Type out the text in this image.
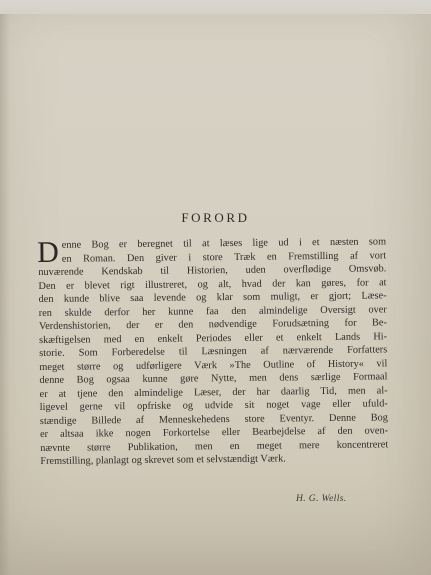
FORORD
D enne Bog er beregnet til at læses lige ud i et næsten som
en Roman. Den giver i store Træk en Fremstilling af vort
nuværende Kendskab til Historien, uden overflødige Omsvøb.
Den er blevet rigt illustreret, og alt, hvad der kan gøres, for at
den kunde blive saa levende og klar som muligt, er gjort; Læse-
ren skulde derfor her kunne faa den almindelige Oversigt over
Verdenshistorien, der er den nødvendige Forudsætning for Be-
skæftigelsen med en enkelt Periodes eller et enkelt Lands Hi-
storie. Som Forberedelse til Læsningen af nærværende Forfatters
meget større og udførligere Værk »The Outline of History« vil
denne Bog ogsaa kunne gøre Nytte, men dens særlige Formaal
er at tjene den almindelige Læser, der har daarlig Tid, men al-
ligevel gerne vil opfriske og udvide sit noget vage eller ufuld-
stændige Billede af Menneskehedens store Eventyr. Denne Bog
er altsaa ikke nogen Forkortelse eller Bearbejdelse af den oven-
nævnte større Publikation, men en meget mere koncentreret
Fremstilling, planlagt og skrevet som et selvstændigt Værk.
H. G. Wells.
